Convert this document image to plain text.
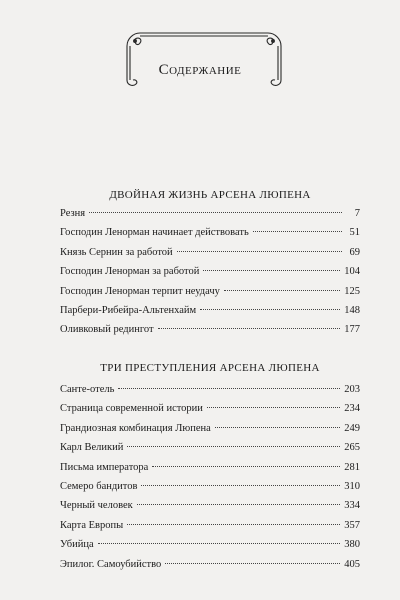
Содержание
ДВОЙНАЯ ЖИЗНЬ АРСЕНА ЛЮПЕНА
Резня	7
Господин Ленорман начинает действовать	51
Князь Сернин за работой	69
Господин Ленорман за работой	104
Господин Ленорман терпит неудачу	125
Парбери-Рибейра-Альтенхайм	148
Оливковый редингот	177
ТРИ ПРЕСТУПЛЕНИЯ АРСЕНА ЛЮПЕНА
Санте-отель	203
Страница современной истории	234
Грандиозная комбинация Люпена	249
Карл Великий	265
Письма императора	281
Семеро бандитов	310
Черный человек	334
Карта Европы	357
Убийца	380
Эпилог. Самоубийство	405
